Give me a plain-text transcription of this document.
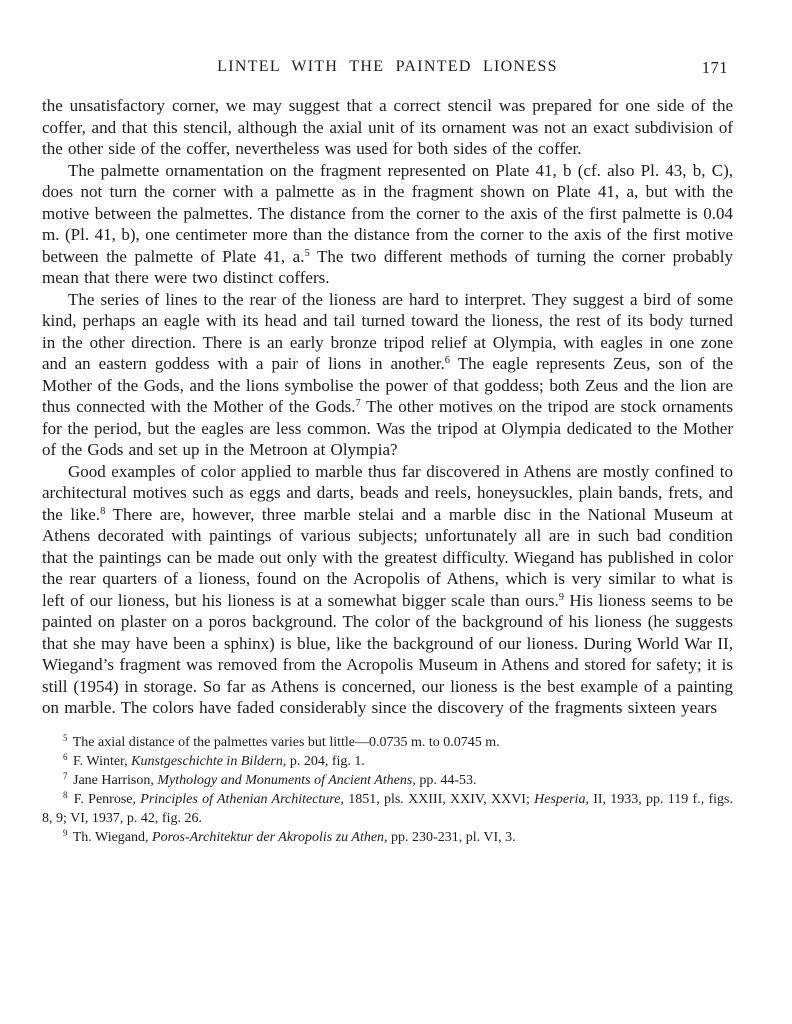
LINTEL WITH THE PAINTED LIONESS	171

the unsatisfactory corner, we may suggest that a correct stencil was prepared for one side of the coffer, and that this stencil, although the axial unit of its ornament was not an exact subdivision of the other side of the coffer, nevertheless was used for both sides of the coffer.

The palmette ornamentation on the fragment represented on Plate 41, b (cf. also Pl. 43, b, C), does not turn the corner with a palmette as in the fragment shown on Plate 41, a, but with the motive between the palmettes. The distance from the corner to the axis of the first palmette is 0.04 m. (Pl. 41, b), one centimeter more than the distance from the corner to the axis of the first motive between the palmette of Plate 41, a.$^5$ The two different methods of turning the corner probably mean that there were two distinct coffers.

The series of lines to the rear of the lioness are hard to interpret. They suggest a bird of some kind, perhaps an eagle with its head and tail turned toward the lioness, the rest of its body turned in the other direction. There is an early bronze tripod relief at Olympia, with eagles in one zone and an eastern goddess with a pair of lions in another.$^6$ The eagle represents Zeus, son of the Mother of the Gods, and the lions symbolise the power of that goddess; both Zeus and the lion are thus connected with the Mother of the Gods.$^7$ The other motives on the tripod are stock ornaments for the period, but the eagles are less common. Was the tripod at Olympia dedicated to the Mother of the Gods and set up in the Metroon at Olympia?

Good examples of color applied to marble thus far discovered in Athens are mostly confined to architectural motives such as eggs and darts, beads and reels, honeysuckles, plain bands, frets, and the like.$^8$ There are, however, three marble stelai and a marble disc in the National Museum at Athens decorated with paintings of various subjects; unfortunately all are in such bad condition that the paintings can be made out only with the greatest difficulty. Wiegand has published in color the rear quarters of a lioness, found on the Acropolis of Athens, which is very similar to what is left of our lioness, but his lioness is at a somewhat bigger scale than ours.$^9$ His lioness seems to be painted on plaster on a poros background. The color of the background of his lioness (he suggests that she may have been a sphinx) is blue, like the background of our lioness. During World War II, Wiegand’s fragment was removed from the Acropolis Museum in Athens and stored for safety; it is still (1954) in storage. So far as Athens is concerned, our lioness is the best example of a painting on marble. The colors have faded considerably since the discovery of the fragments sixteen years

$^5$ The axial distance of the palmettes varies but little—0.0735 m. to 0.0745 m.

$^6$ F. Winter, Kunstgeschichte in Bildern, p. 204, fig. 1.

$^7$ Jane Harrison, Mythology and Monuments of Ancient Athens, pp. 44-53.

$^8$ F. Penrose, Principles of Athenian Architecture, 1851, pls. XXIII, XXIV, XXVI; Hesperia, II, 1933, pp. 119 f., figs. 8, 9; VI, 1937, p. 42, fig. 26.

$^9$ Th. Wiegand, Poros-Architektur der Akropolis zu Athen, pp. 230-231, pl. VI, 3.
